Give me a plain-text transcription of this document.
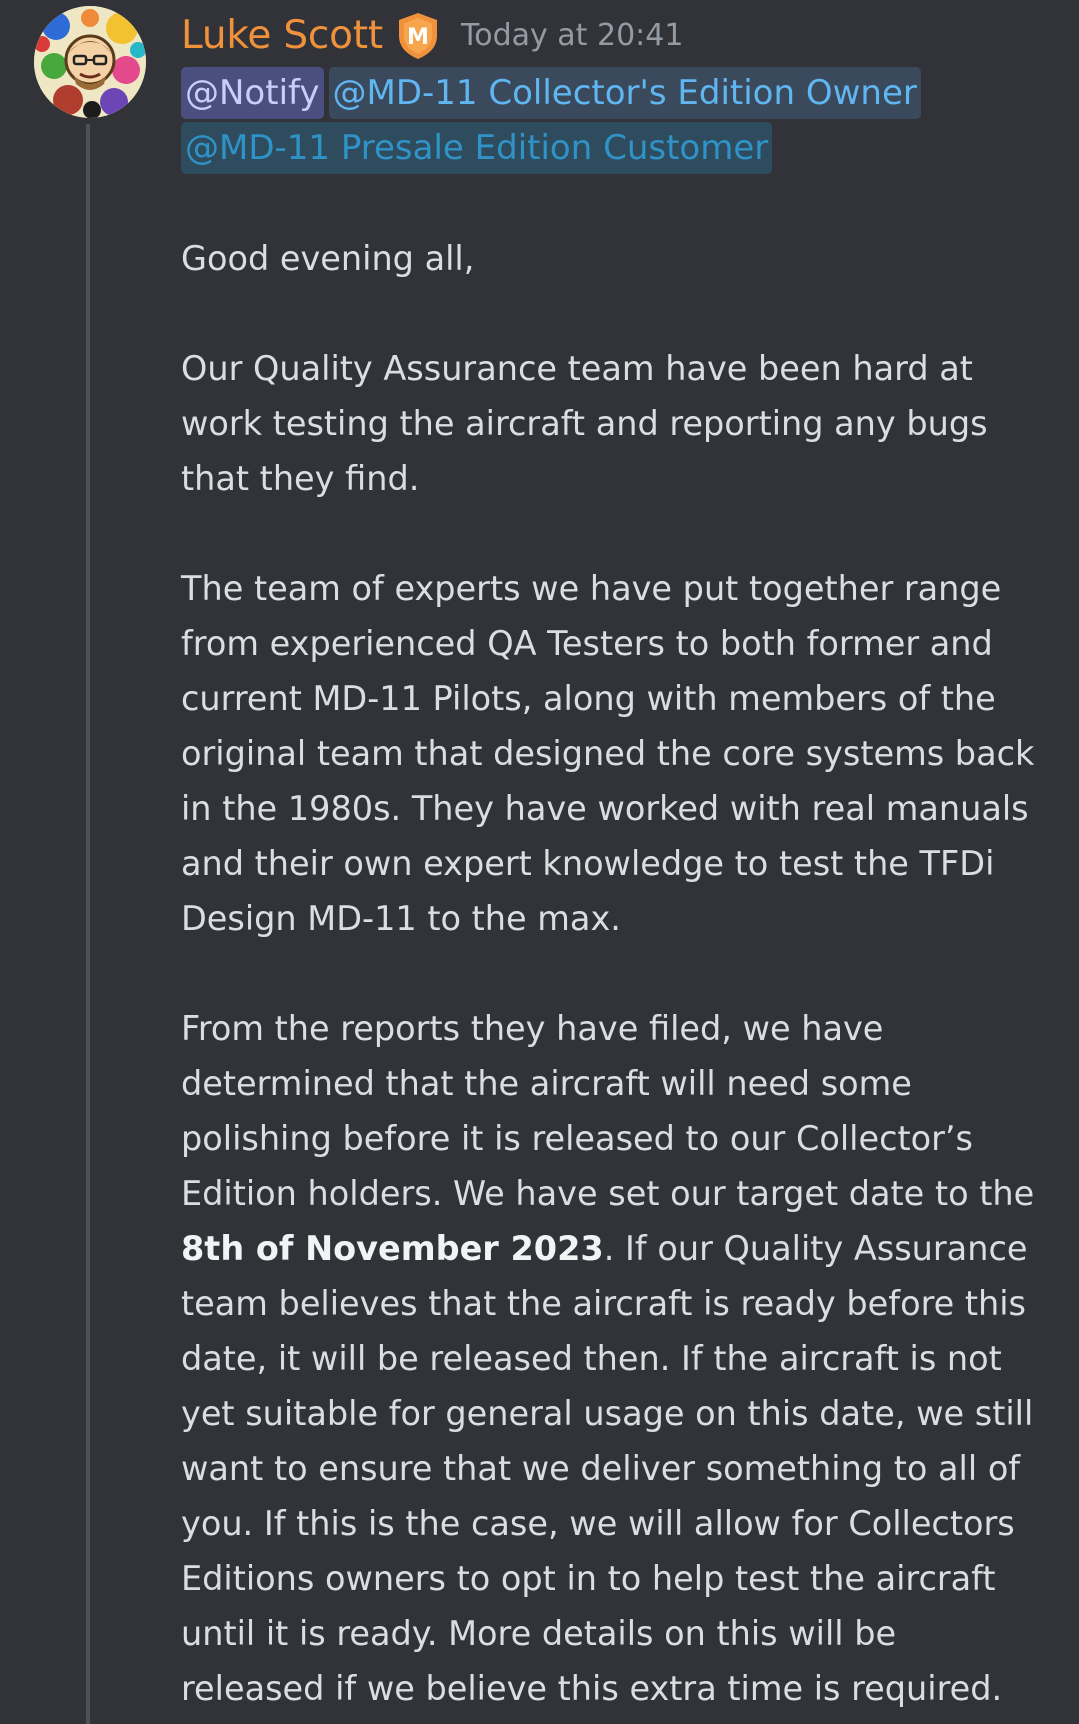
Luke Scott M Today at 20:41
@Notify @MD-11 Collector's Edition Owner
@MD-11 Presale Edition Customer

Good evening all,

Our Quality Assurance team have been hard at work testing the aircraft and reporting any bugs that they find.

The team of experts we have put together range from experienced QA Testers to both former and current MD-11 Pilots, along with members of the original team that designed the core systems back in the 1980s. They have worked with real manuals and their own expert knowledge to test the TFDi Design MD-11 to the max.

From the reports they have filed, we have determined that the aircraft will need some polishing before it is released to our Collector’s Edition holders. We have set our target date to the 8th of November 2023. If our Quality Assurance team believes that the aircraft is ready before this date, it will be released then. If the aircraft is not yet suitable for general usage on this date, we still want to ensure that we deliver something to all of you. If this is the case, we will allow for Collectors Editions owners to opt in to help test the aircraft until it is ready. More details on this will be released if we believe this extra time is required.
